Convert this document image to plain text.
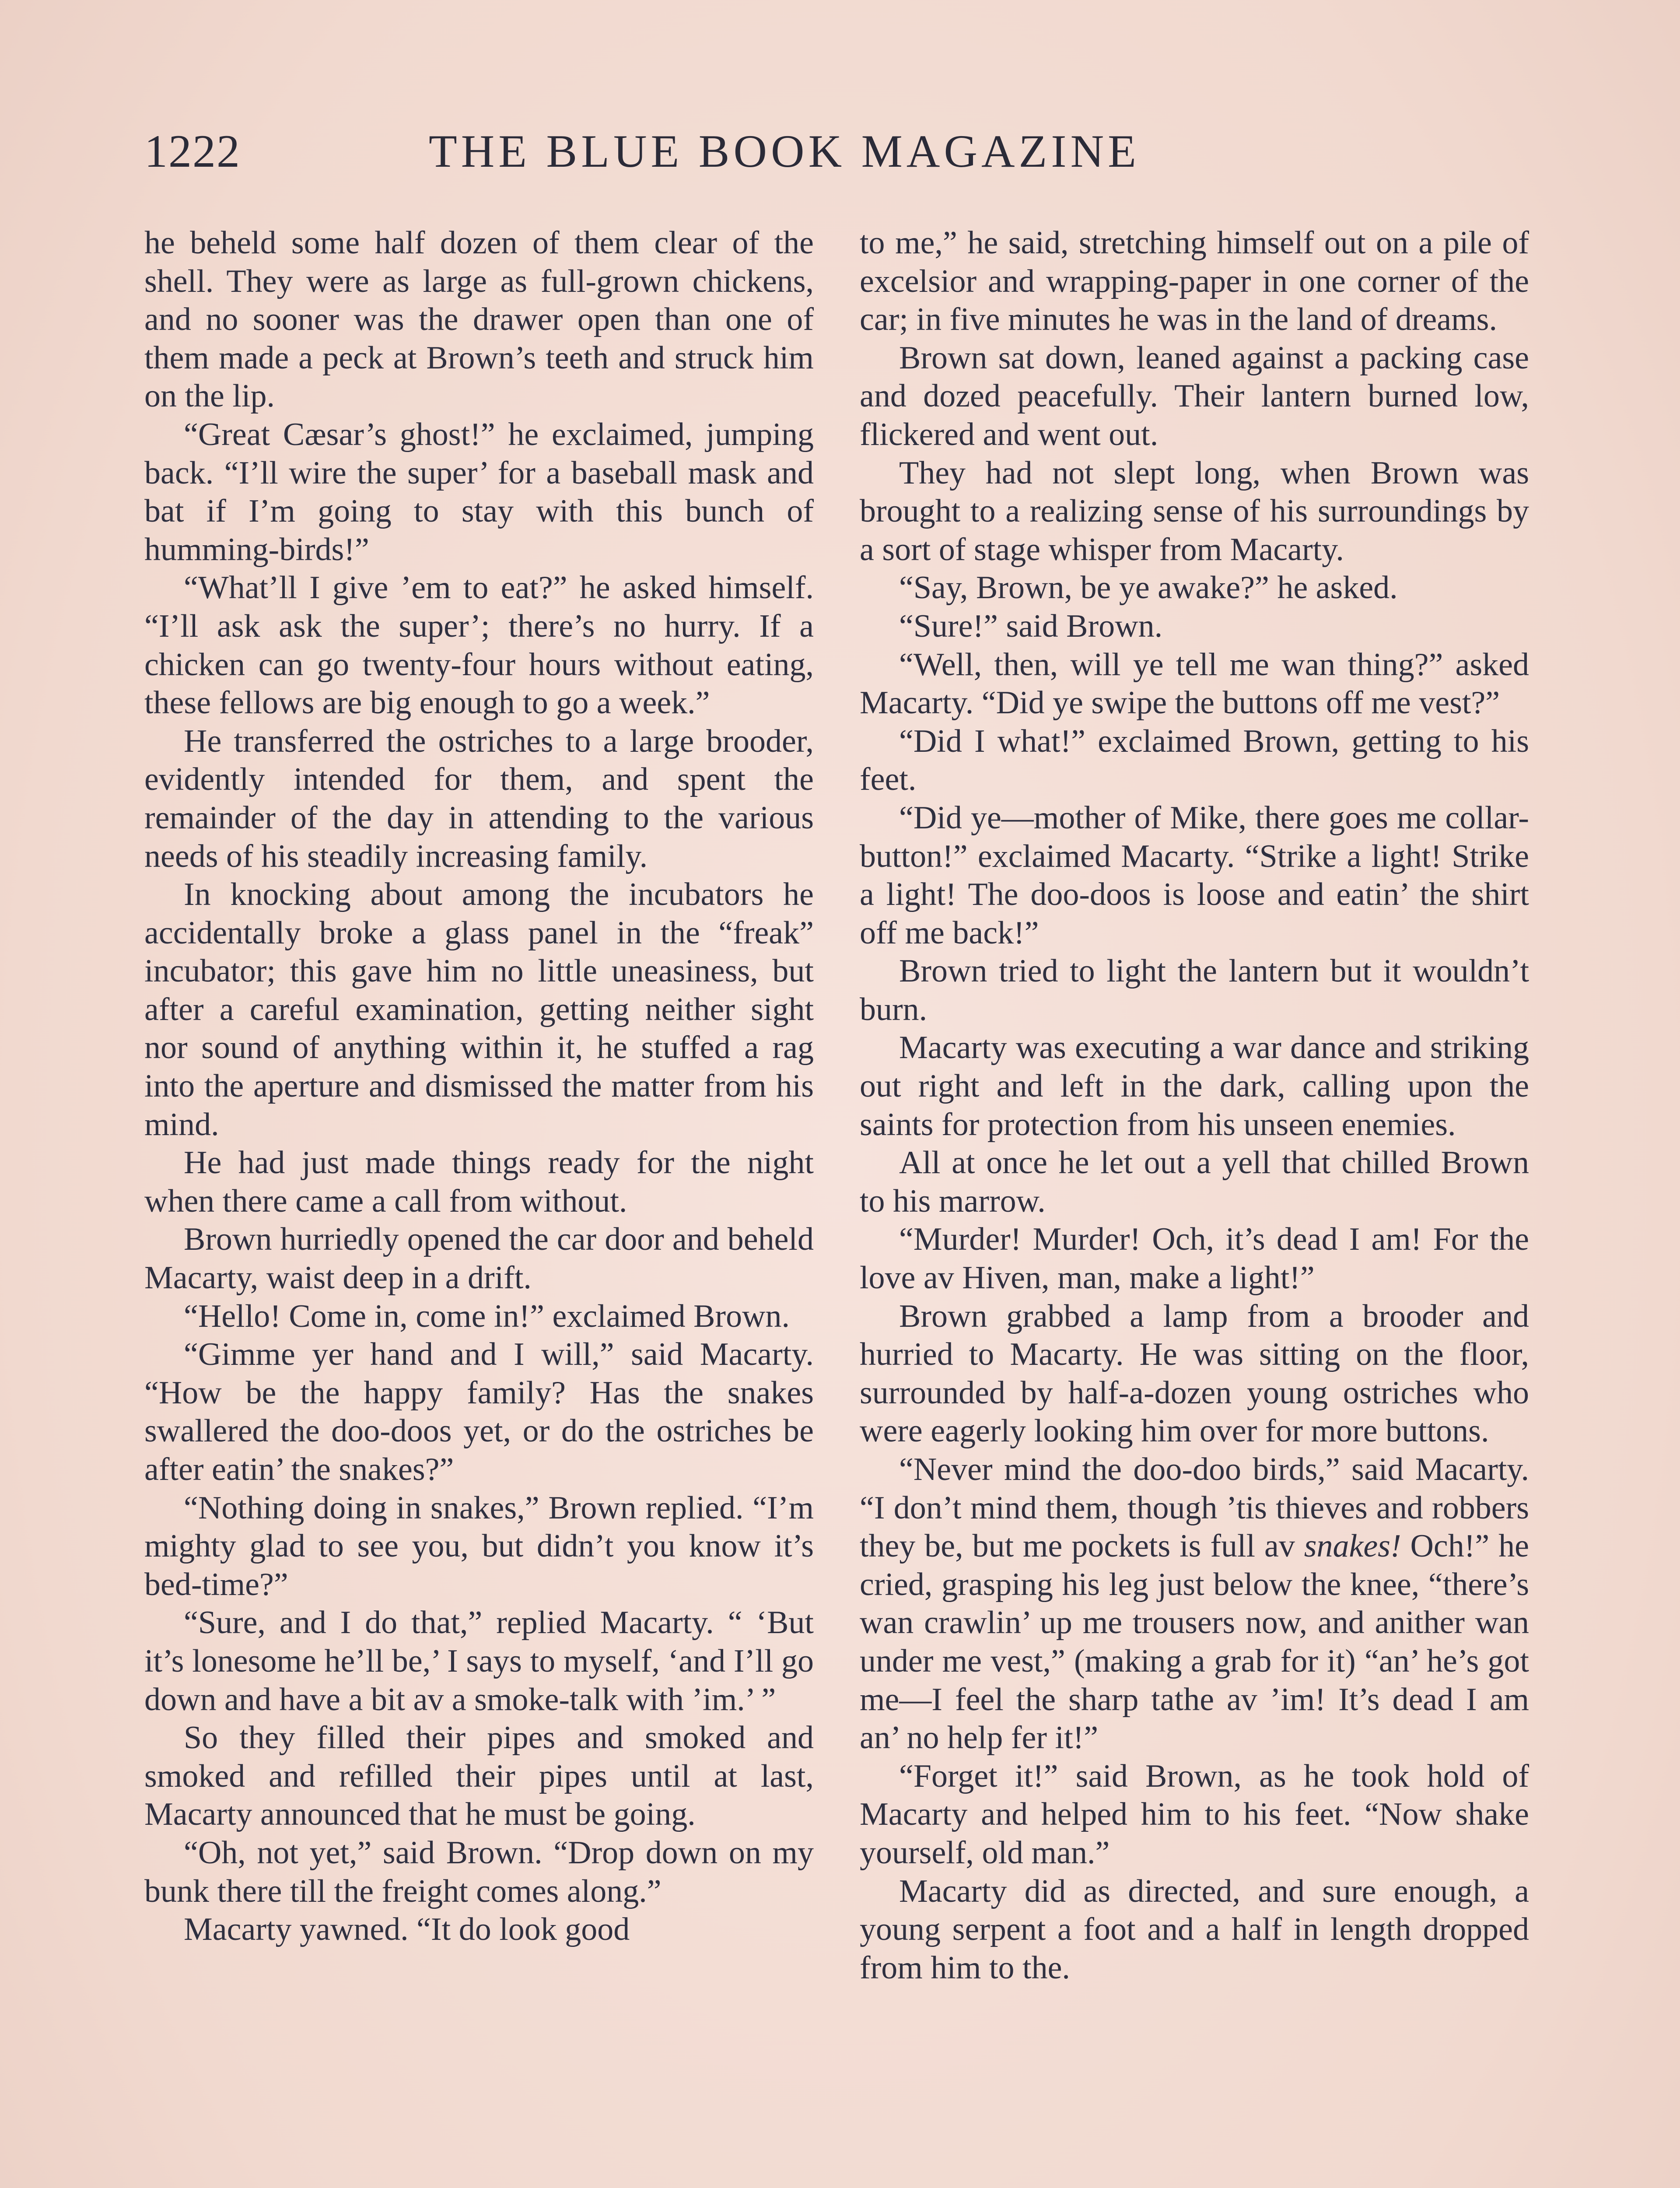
1222	THE BLUE BOOK MAGAZINE

he beheld some half dozen of them clear of the shell. They were as large as full-grown chickens, and no sooner was the drawer open than one of them made a peck at Brown’s teeth and struck him on the lip.

“Great Cæsar’s ghost!” he exclaimed, jumping back. “I’ll wire the super’ for a baseball mask and bat if I’m going to stay with this bunch of humming-birds!”

“What’ll I give ’em to eat?” he asked himself. “I’ll ask ask the super’; there’s no hurry. If a chicken can go twenty-four hours without eating, these fellows are big enough to go a week.”

He transferred the ostriches to a large brooder, evidently intended for them, and spent the remainder of the day in attending to the various needs of his steadily increasing family.

In knocking about among the incubators he accidentally broke a glass panel in the “freak” incubator; this gave him no little uneasiness, but after a careful examination, getting neither sight nor sound of anything within it, he stuffed a rag into the aperture and dismissed the matter from his mind.

He had just made things ready for the night when there came a call from without.

Brown hurriedly opened the car door and beheld Macarty, waist deep in a drift.

“Hello! Come in, come in!” exclaimed Brown.

“Gimme yer hand and I will,” said Macarty. “How be the happy family? Has the snakes swallered the doo-doos yet, or do the ostriches be after eatin’ the snakes?”

“Nothing doing in snakes,” Brown replied. “I’m mighty glad to see you, but didn’t you know it’s bed-time?”

“Sure, and I do that,” replied Macarty. “ ‘But it’s lonesome he’ll be,’ I says to myself, ‘and I’ll go down and have a bit av a smoke-talk with ’im.’ ”

So they filled their pipes and smoked and smoked and refilled their pipes until at last, Macarty announced that he must be going.

“Oh, not yet,” said Brown. “Drop down on my bunk there till the freight comes along.”

Macarty yawned. “It do look good

to me,” he said, stretching himself out on a pile of excelsior and wrapping-paper in one corner of the car; in five minutes he was in the land of dreams.

Brown sat down, leaned against a packing case and dozed peacefully. Their lantern burned low, flickered and went out.

They had not slept long, when Brown was brought to a realizing sense of his surroundings by a sort of stage whisper from Macarty.

“Say, Brown, be ye awake?” he asked.

“Sure!” said Brown.

“Well, then, will ye tell me wan thing?” asked Macarty. “Did ye swipe the buttons off me vest?”

“Did I what!” exclaimed Brown, getting to his feet.

“Did ye—mother of Mike, there goes me collar-button!” exclaimed Macarty. “Strike a light! Strike a light! The doo-doos is loose and eatin’ the shirt off me back!”

Brown tried to light the lantern but it wouldn’t burn.

Macarty was executing a war dance and striking out right and left in the dark, calling upon the saints for protection from his unseen enemies.

All at once he let out a yell that chilled Brown to his marrow.

“Murder! Murder! Och, it’s dead I am! For the love av Hiven, man, make a light!”

Brown grabbed a lamp from a brooder and hurried to Macarty. He was sitting on the floor, surrounded by half-a-dozen young ostriches who were eagerly looking him over for more buttons.

“Never mind the doo-doo birds,” said Macarty. “I don’t mind them, though ’tis thieves and robbers they be, but me pockets is full av snakes! Och!” he cried, grasping his leg just below the knee, “there’s wan crawlin’ up me trousers now, and anither wan under me vest,” (making a grab for it) “an’ he’s got me—I feel the sharp tathe av ’im! It’s dead I am an’ no help fer it!”

“Forget it!” said Brown, as he took hold of Macarty and helped him to his feet. “Now shake yourself, old man.”

Macarty did as directed, and sure enough, a young serpent a foot and a half in length dropped from him to the.
